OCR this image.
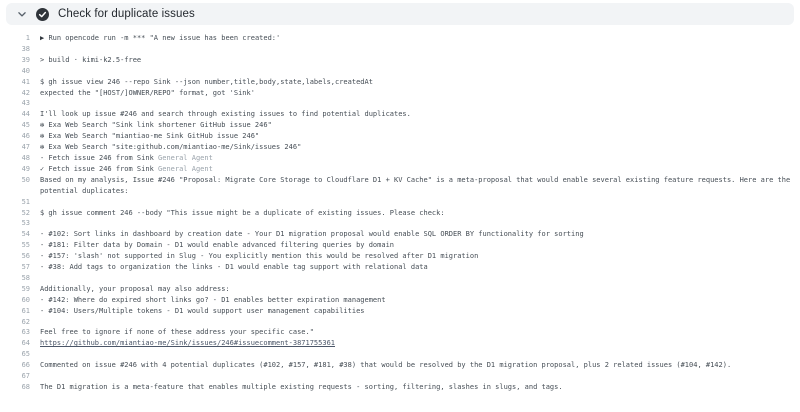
Check for duplicate issues
1 ▶ Run opencode run -m *** "A new issue has been created:'
38
39 > build · kimi-k2.5-free
40
41 $ gh issue view 246 --repo Sink --json number,title,body,state,labels,createdAt
42 expected the "[HOST/]OWNER/REPO" format, got 'Sink'
43
44 I'll look up issue #246 and search through existing issues to find potential duplicates.
45 ✻ Exa Web Search "Sink link shortener GitHub issue 246"
46 ✻ Exa Web Search "miantiao-me Sink GitHub issue 246"
47 ✻ Exa Web Search "site:github.com/miantiao-me/Sink/issues 246"
48 - Fetch issue 246 from Sink General Agent
49 ✓ Fetch issue 246 from Sink General Agent
50 Based on my analysis, Issue #246 "Proposal: Migrate Core Storage to Cloudflare D1 + KV Cache" is a meta-proposal that would enable several existing feature requests. Here are the potential duplicates:
51
52 $ gh issue comment 246 --body "This issue might be a duplicate of existing issues. Please check:
53
54 - #102: Sort links in dashboard by creation date - Your D1 migration proposal would enable SQL ORDER BY functionality for sorting
55 - #181: Filter data by Domain - D1 would enable advanced filtering queries by domain
56 - #157: 'slash' not supported in Slug - You explicitly mention this would be resolved after D1 migration
57 - #38: Add tags to organization the links - D1 would enable tag support with relational data
58
59 Additionally, your proposal may also address:
60 - #142: Where do expired short links go? - D1 enables better expiration management
61 - #104: Users/Multiple tokens - D1 would support user management capabilities
62
63 Feel free to ignore if none of these address your specific case."
64 https://github.com/miantiao-me/Sink/issues/246#issuecomment-3871755361
65
66 Commented on issue #246 with 4 potential duplicates (#102, #157, #181, #38) that would be resolved by the D1 migration proposal, plus 2 related issues (#104, #142).
67
68 The D1 migration is a meta-feature that enables multiple existing requests - sorting, filtering, slashes in slugs, and tags.
